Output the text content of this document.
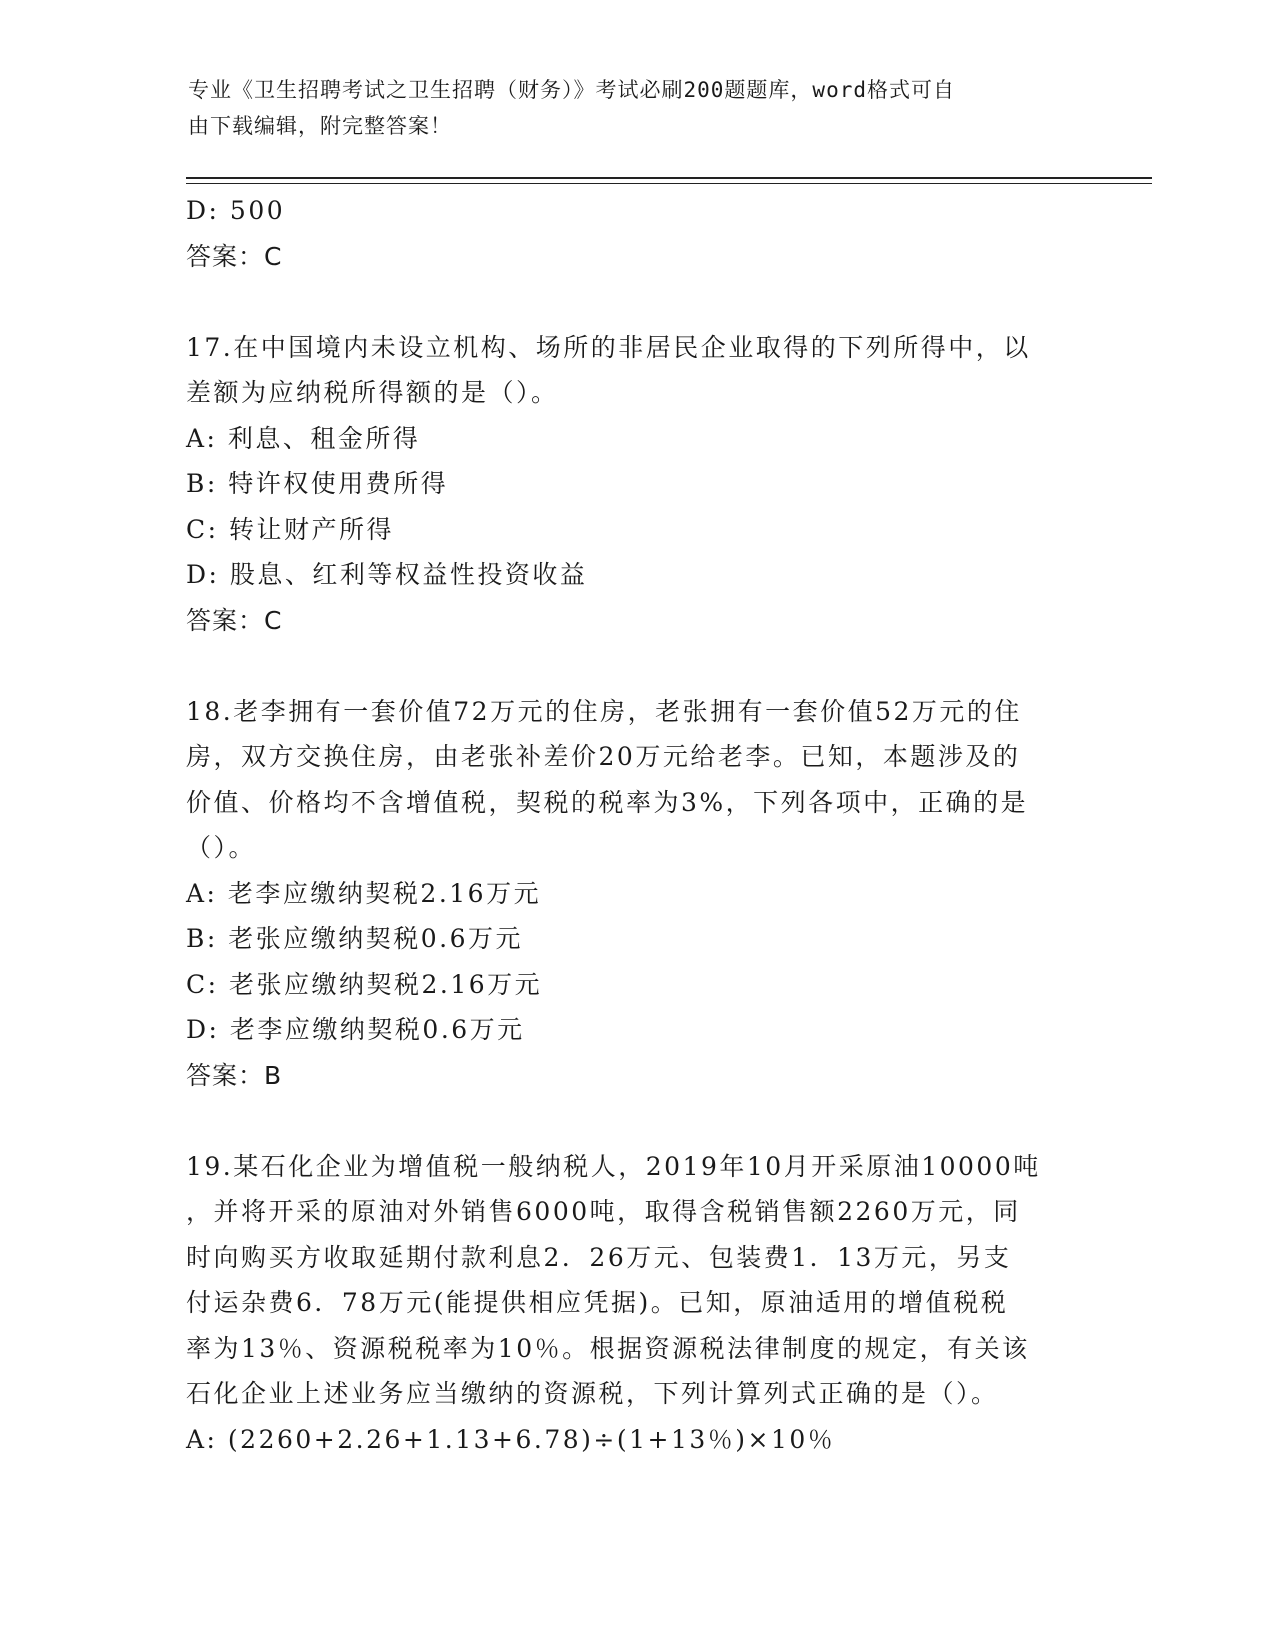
专业《卫生招聘考试之卫生招聘（财务）》考试必刷200题题库，word格式可自
由下载编辑，附完整答案！
D: 500
答案：C
17.在中国境内未设立机构、场所的非居民企业取得的下列所得中，以
差额为应纳税所得额的是（）。
A: 利息、租金所得
B: 特许权使用费所得
C: 转让财产所得
D: 股息、红利等权益性投资收益
答案：C
18.老李拥有一套价值72万元的住房，老张拥有一套价值52万元的住
房，双方交换住房，由老张补差价20万元给老李。已知，本题涉及的
价值、价格均不含增值税，契税的税率为3%，下列各项中，正确的是
（）。
A: 老李应缴纳契税2.16万元
B: 老张应缴纳契税0.6万元
C: 老张应缴纳契税2.16万元
D: 老李应缴纳契税0.6万元
答案：B
19.某石化企业为增值税一般纳税人，2019年10月开采原油10000吨
，并将开采的原油对外销售6000吨，取得含税销售额2260万元，同
时向购买方收取延期付款利息2．26万元、包装费1．13万元，另支
付运杂费6．78万元(能提供相应凭据)。已知，原油适用的增值税税
率为13％、资源税税率为10％。根据资源税法律制度的规定，有关该
石化企业上述业务应当缴纳的资源税，下列计算列式正确的是（）。
A: (2260+2.26+1.13+6.78)÷(1+13％)×10％
